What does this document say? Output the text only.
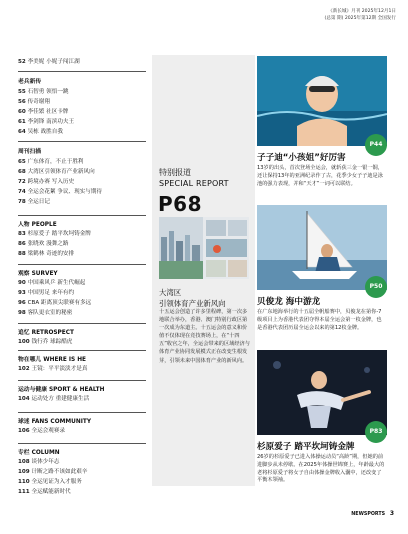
《新长城》月刊 2025年12月1日
(总第 期) 2025年第12期 全国发行
52 李美妮 小妮子闯江湖
老兵新传
55 石智勇 领悟一跳
56 传奇谢翔
60 李佳繁 社区卡牌
61 李剑锋 南滨功夫王
64 吴栋 战胜自我
周刊扫描
65 广东体育，不止于胜利
68 大湾区引领体育产业新风向
72 跨境办赛 写入历史
74 全运会花絮 争议、现实与期待
78 全运日记
人物 PEOPLE
83 杉原爱子 踏平坎坷铸金牌
86 张晓欢 漫舞之路
88 梁鹤林 奇迹的安排
观察 SURVEY
90 中国乘风乒 新生代崛起
93 中国男足 来年有约
96 CBA 距离顶尖联赛有多远
98 客队更衣室的秘密
追忆 RETROSPECT
100 钱行乔 球踪酷虎
物在哪儿 WHERE IS HE
102 王镜：平平淡淡才是真
运动与健康 SPORT & HEALTH
104 运动处方 重建健康生活
球迷 FANS COMMUNITY
106 全运会观赛录
专栏 COLUMN
108 谈体少年志
109 计断之路不该如此艰辛
110 全运见证为入才服务
111 全运赋能新时代
特别报道
SPECIAL REPORT
P68
大湾区
引领体育产业新风向
十五运会创造了许多里程碑，第一次多地联合举办，香港、澳门特别行政区第一次成为东道主。十五运会的意义和价值不仅体现在竞技赛场上，在“十四五”收官之年，全运会带来的区域经济与体育产业协同发展模式正在改变生根发芽，引领未来中国体育产业的新风向。
P44
子子迪“小孩姐”好厉害
13岁的出头，首次登场全运会，就斩获三金一银一铜，还让保持13年的亚洲纪录作了古，花季少女子子迪是泳池的强力表现，并和“天才”一词可以联结。
P50
贝俊龙 海中游龙
在广东地海举行的十五届全帆船赛中，贝俊龙在第你-7级项目上为香港代表团夺得本届全运会第一枚金牌，也是香港代表团历届全运会以来的第12枚金牌。
P83
杉原爱子 踏平坎坷铸金牌
26岁的杉原爱子已进入体操运动员“高龄”期，但她的前进脚步从未停歇。在2025年体操世锦赛上，年龄最大的老将杉原爱子将女子自由体操金牌收入囊中，还改变了平衡木领袖。
NEWSPORTS 3
